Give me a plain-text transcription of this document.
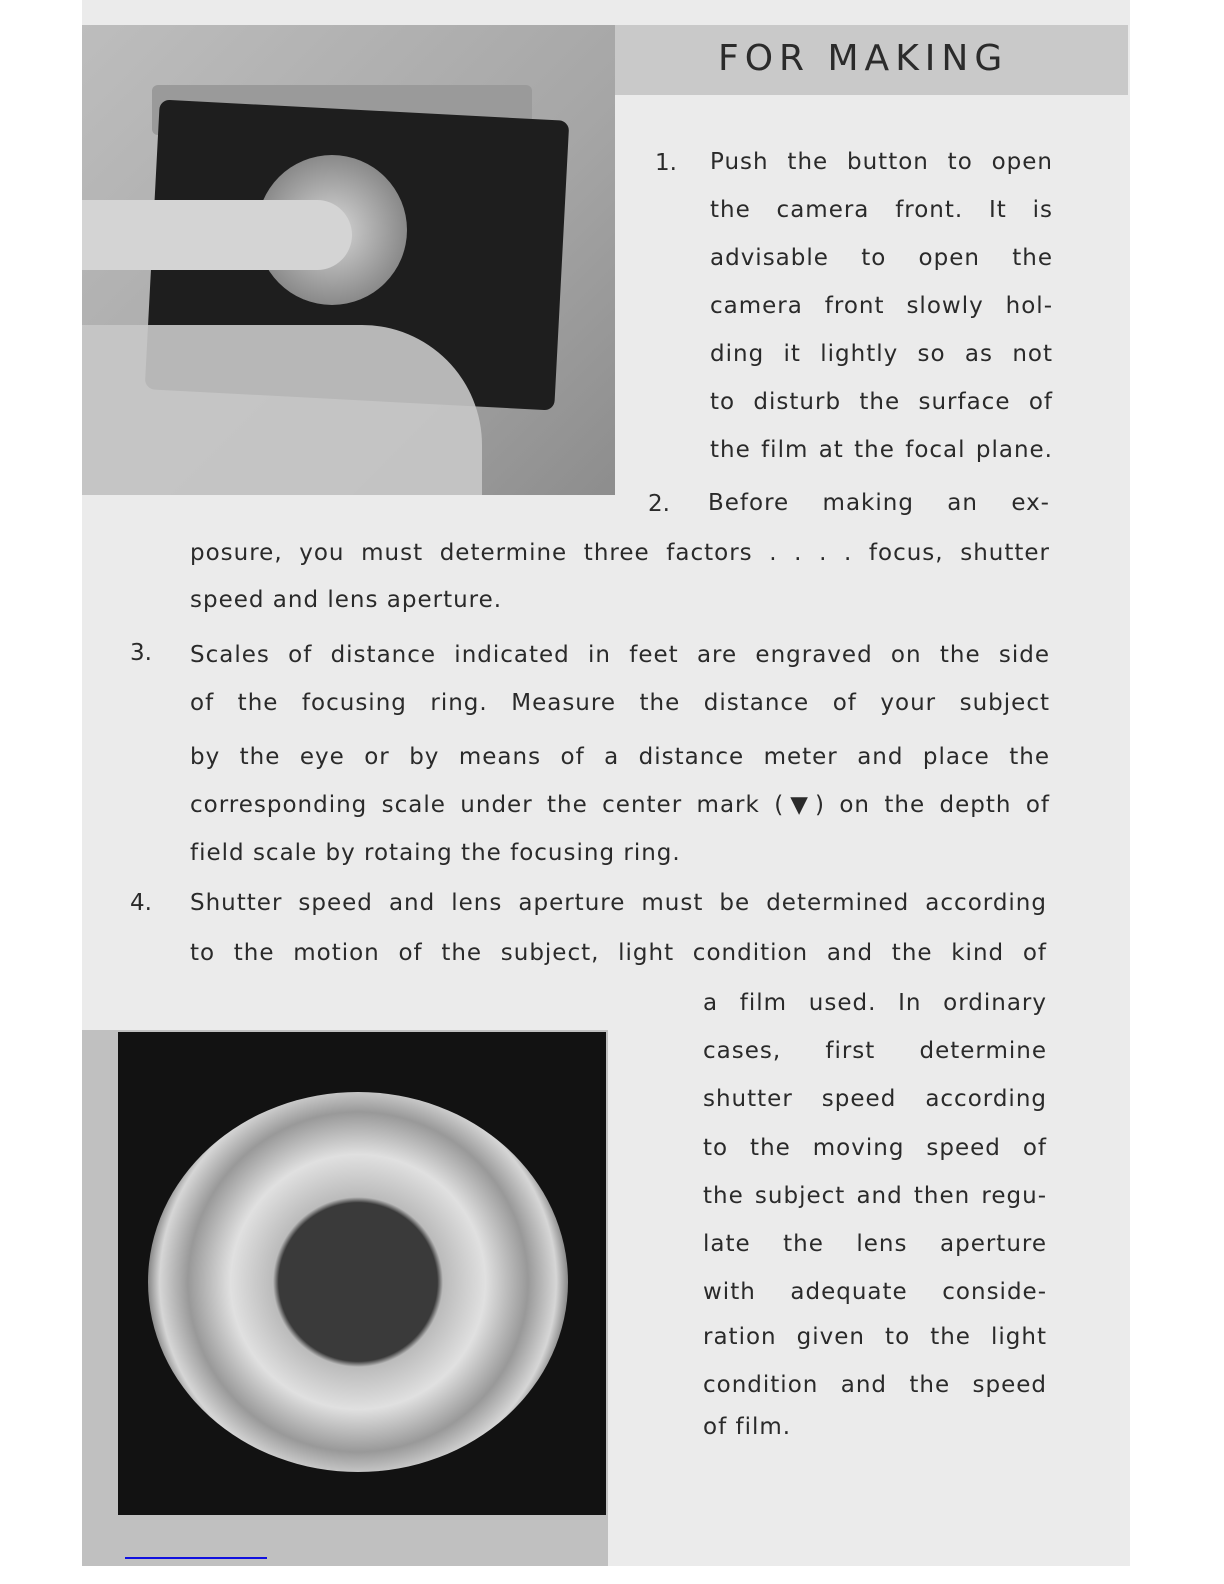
FOR MAKING
1. Push the button to open
the camera front. It is
advisable to open the
camera front slowly hol-
ding it lightly so as not
to disturb the surface of
the film at the focal plane.
2. Before making an ex-
posure, you must determine three factors . . . . focus, shutter
speed and lens aperture.
3. Scales of distance indicated in feet are engraved on the side
of the focusing ring. Measure the distance of your subject
by the eye or by means of a distance meter and place the
corresponding scale under the center mark (▼) on the depth of
field scale by rotaing the focusing ring.
4. Shutter speed and lens aperture must be determined according
to the motion of the subject, light condition and the kind of
a film used. In ordinary
cases, first determine
shutter speed according
to the moving speed of
the subject and then regu-
late the lens aperture
with adequate conside-
ration given to the light
condition and the speed
of film.
